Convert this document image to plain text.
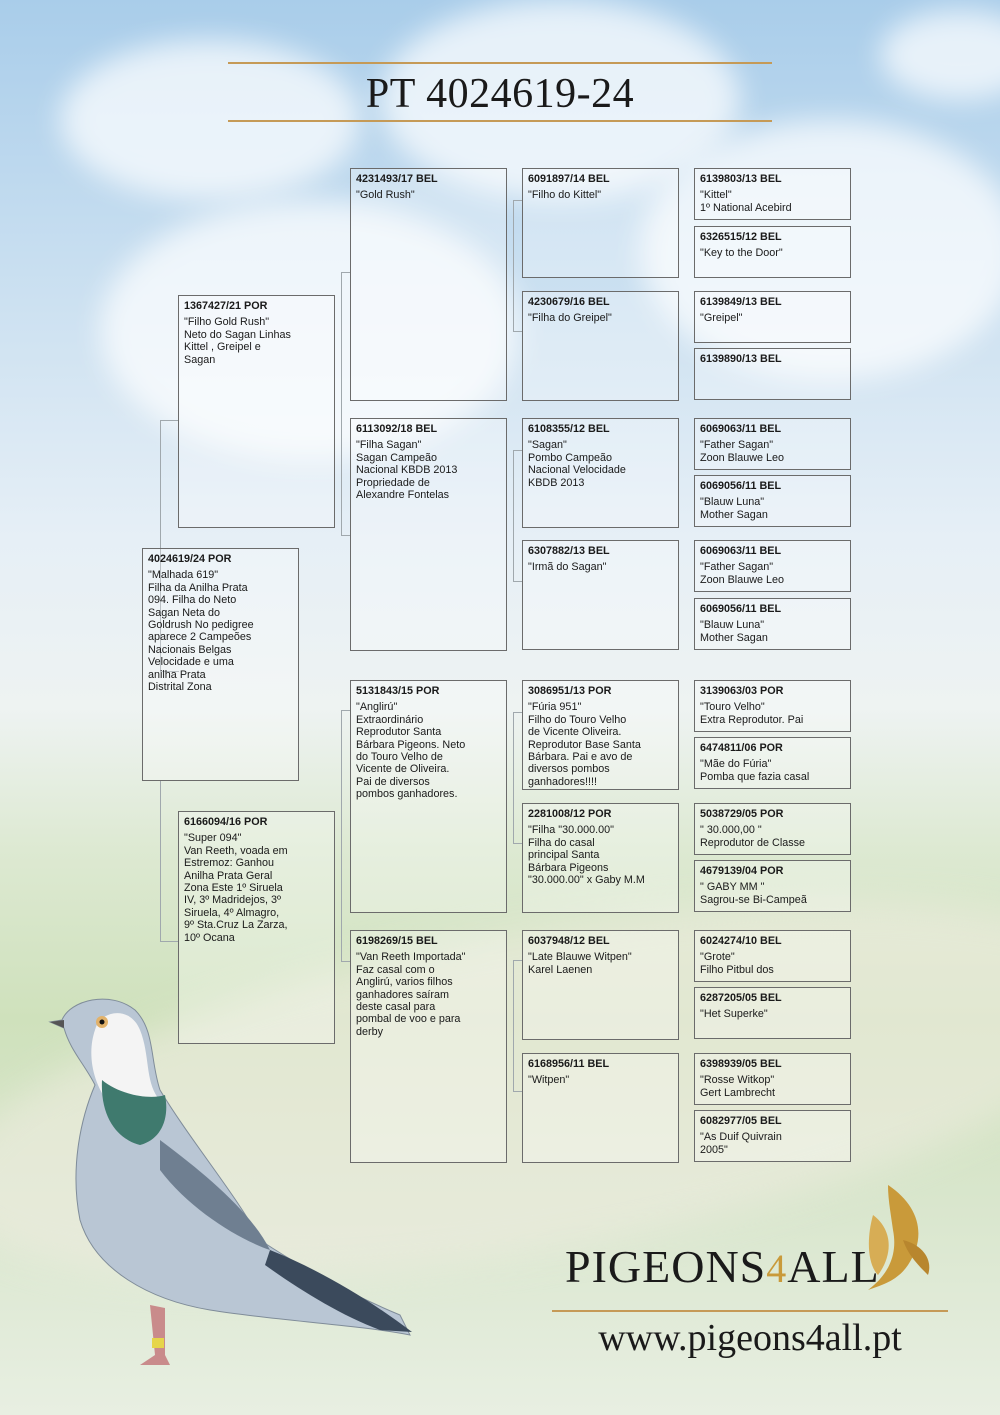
PT 4024619-24
4024619/24 POR
"Malhada 619"
Filha da Anilha Prata
094. Filha do Neto
Sagan Neta do
Goldrush No pedigree
aparece 2 Campeões
Nacionais Belgas
Velocidade e uma
anilha Prata
Distrital Zona
1367427/21 POR
"Filho Gold Rush"
Neto do Sagan Linhas
Kittel , Greipel e
Sagan
6166094/16 POR
"Super 094"
Van Reeth, voada em
Estremoz: Ganhou
Anilha Prata Geral
Zona Este 1º Siruela
IV, 3º Madridejos, 3º
Siruela, 4º Almagro,
9º Sta.Cruz La Zarza,
10º Ocana
4231493/17 BEL
"Gold Rush"
6113092/18 BEL
"Filha Sagan"
Sagan Campeão
Nacional KBDB 2013
Propriedade de
Alexandre Fontelas
5131843/15 POR
"Anglirú"
Extraordinário
Reprodutor Santa
Bárbara Pigeons. Neto
do Touro Velho de
Vicente de Oliveira.
Pai de diversos
pombos ganhadores.
6198269/15 BEL
"Van Reeth Importada"
Faz casal com o
Anglirú, varios filhos
ganhadores saíram
deste casal para
pombal de voo e para
derby
6091897/14 BEL
"Filho do Kittel"
4230679/16 BEL
"Filha do Greipel"
6108355/12 BEL
"Sagan"
Pombo Campeão
Nacional Velocidade
KBDB 2013
6307882/13 BEL
"Irmã do Sagan"
3086951/13 POR
"Fúria 951"
Filho do Touro Velho
de Vicente Oliveira.
Reprodutor Base Santa
Bárbara. Pai e avo de
diversos pombos
ganhadores!!!!
2281008/12 POR
"Filha "30.000.00"
Filha do casal
principal Santa
Bárbara Pigeons
"30.000.00" x Gaby M.M
6037948/12 BEL
"Late Blauwe Witpen"
Karel Laenen
6168956/11 BEL
"Witpen"
6139803/13 BEL
"Kittel"
1º National Acebird
6326515/12 BEL
"Key to the Door"
6139849/13 BEL
"Greipel"
6139890/13 BEL
6069063/11 BEL
"Father Sagan"
Zoon Blauwe Leo
6069056/11 BEL
"Blauw Luna"
Mother Sagan
6069063/11 BEL
"Father Sagan"
Zoon Blauwe Leo
6069056/11 BEL
"Blauw Luna"
Mother Sagan
3139063/03 POR
"Touro Velho"
Extra Reprodutor. Pai
6474811/06 POR
"Mãe do Fúria"
Pomba que fazia casal
5038729/05 POR
" 30.000,00 "
Reprodutor de Classe
4679139/04 POR
" GABY MM "
Sagrou-se Bi-Campeã
6024274/10 BEL
"Grote"
Filho Pitbul dos
6287205/05 BEL
"Het Superke"
6398939/05 BEL
"Rosse Witkop"
Gert Lambrecht
6082977/05 BEL
"As Duif Quivrain
2005"
PIGEONS4ALL
www.pigeons4all.pt
